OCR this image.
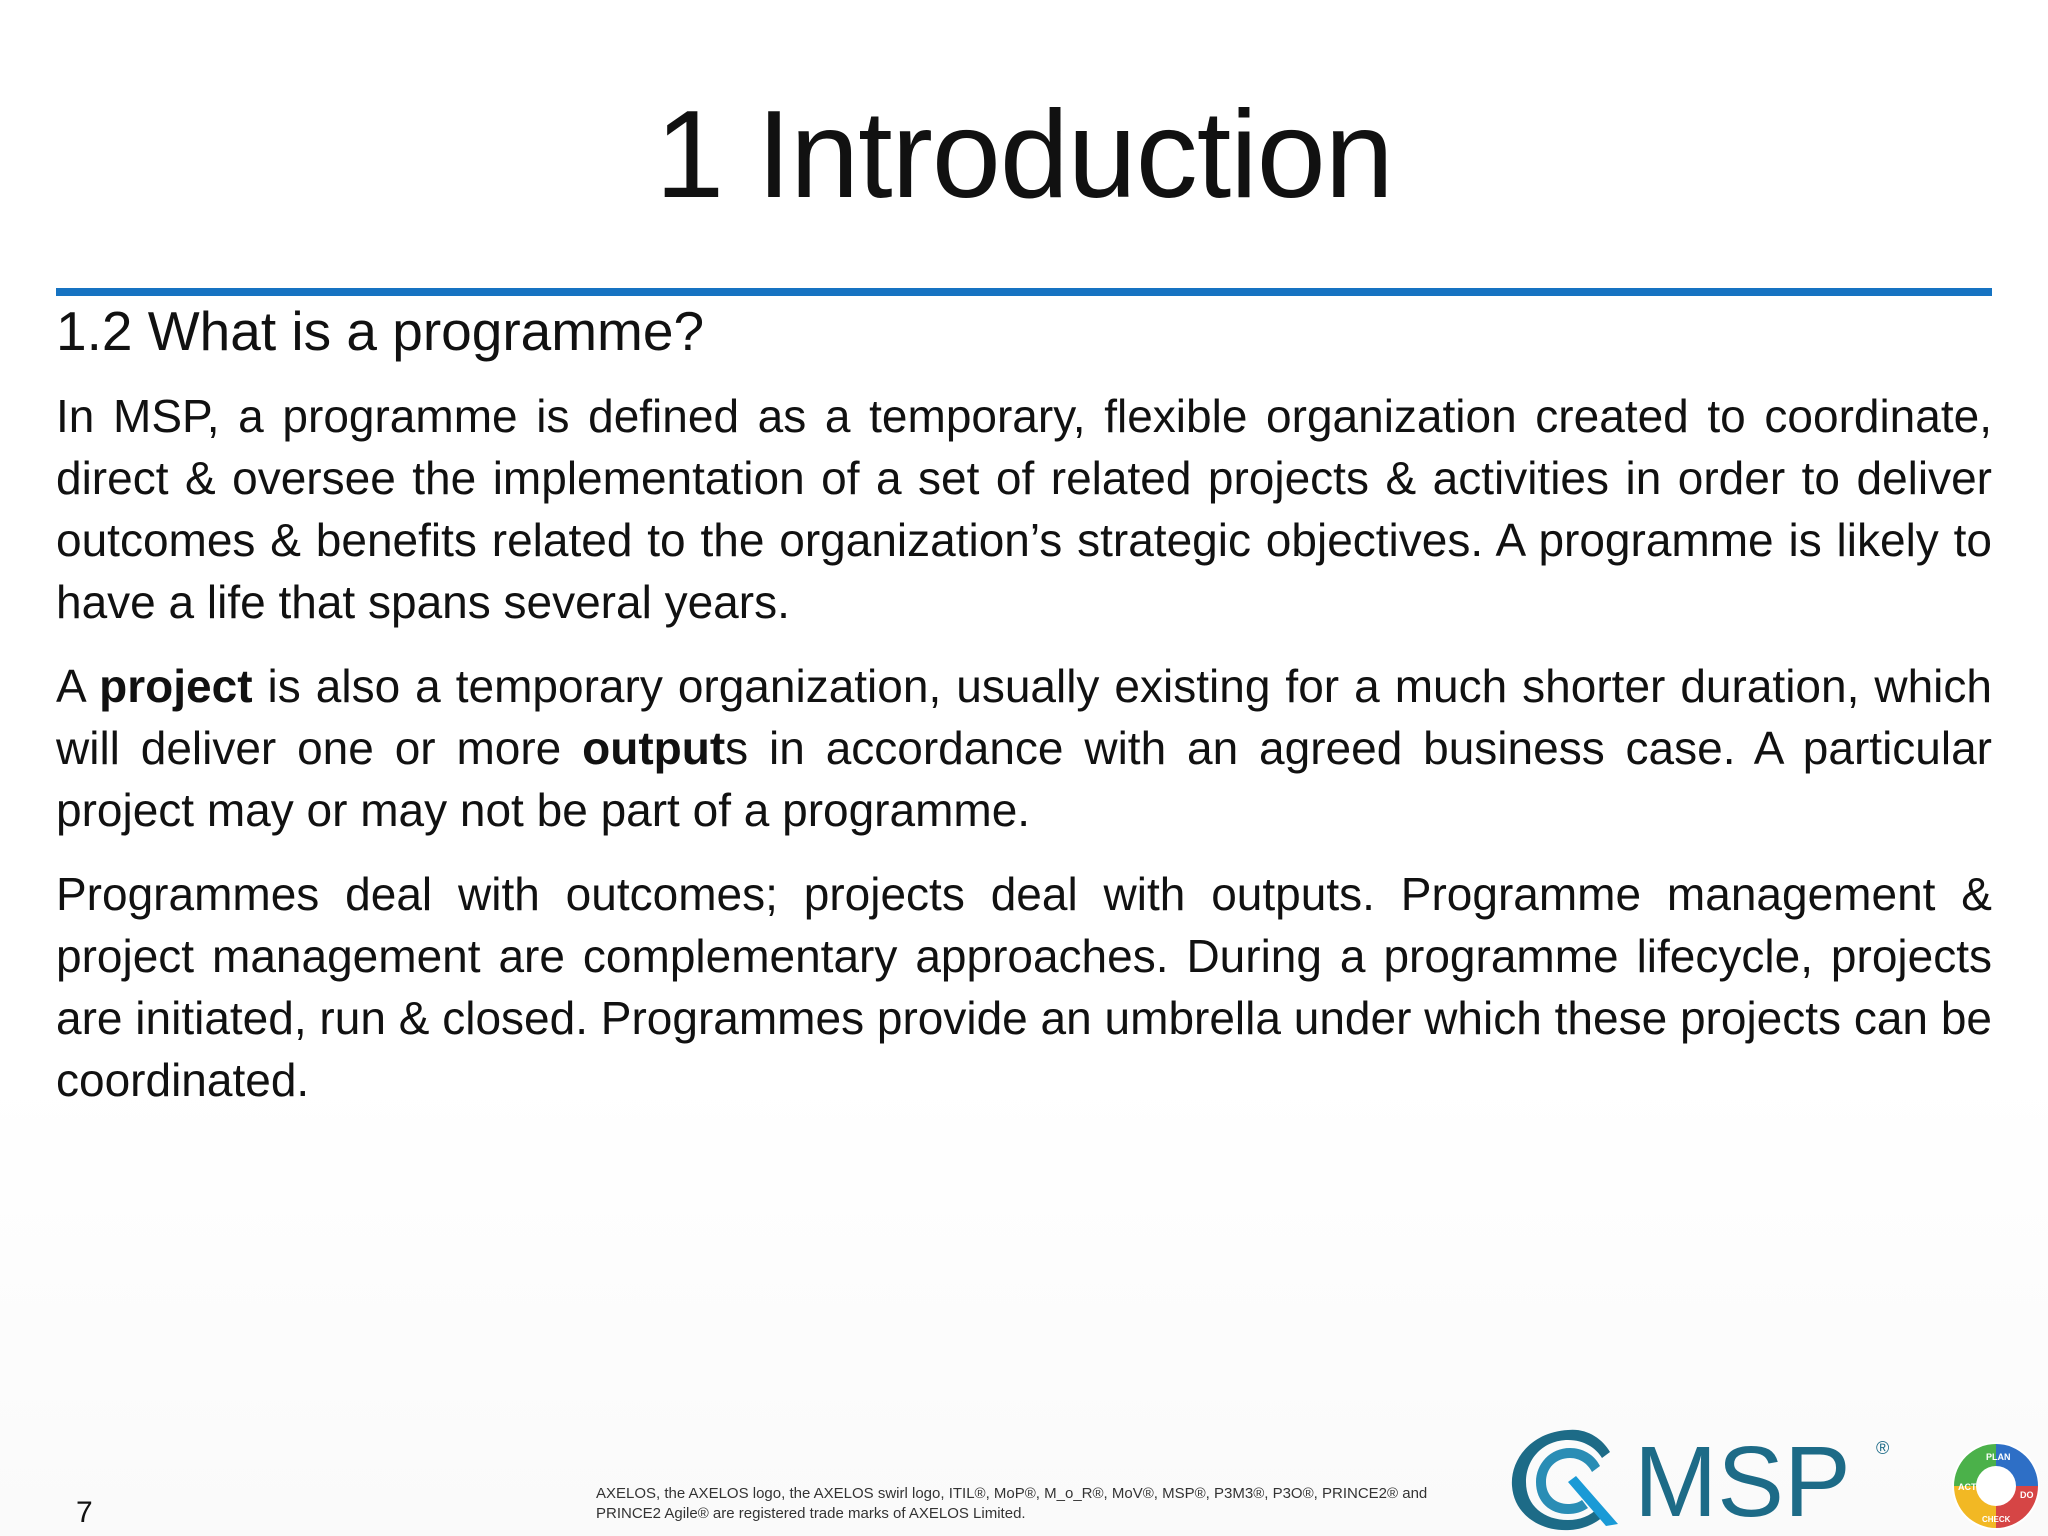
1 Introduction
1.2 What is a programme?

In MSP, a programme is defined as a temporary, flexible organization created to coordinate, direct & oversee the implementation of a set of related projects & activities in order to deliver outcomes & benefits related to the organization’s strategic objectives. A programme is likely to have a life that spans several years.

A project is also a temporary organization, usually existing for a much shorter duration, which will deliver one or more outputs in accordance with an agreed business case. A particular project may or may not be part of a programme.

Programmes deal with outcomes; projects deal with outputs. Programme management & project management are complementary approaches. During a programme lifecycle, projects are initiated, run & closed. Programmes provide an umbrella under which these projects can be coordinated.

7
AXELOS, the AXELOS logo, the AXELOS swirl logo, ITIL®, MoP®, M_o_R®, MoV®, MSP®, P3M3®, P3O®, PRINCE2® and
PRINCE2 Agile® are registered trade marks of AXELOS Limited.	MSP ®	PLAN
DO
CHECK
ACT
